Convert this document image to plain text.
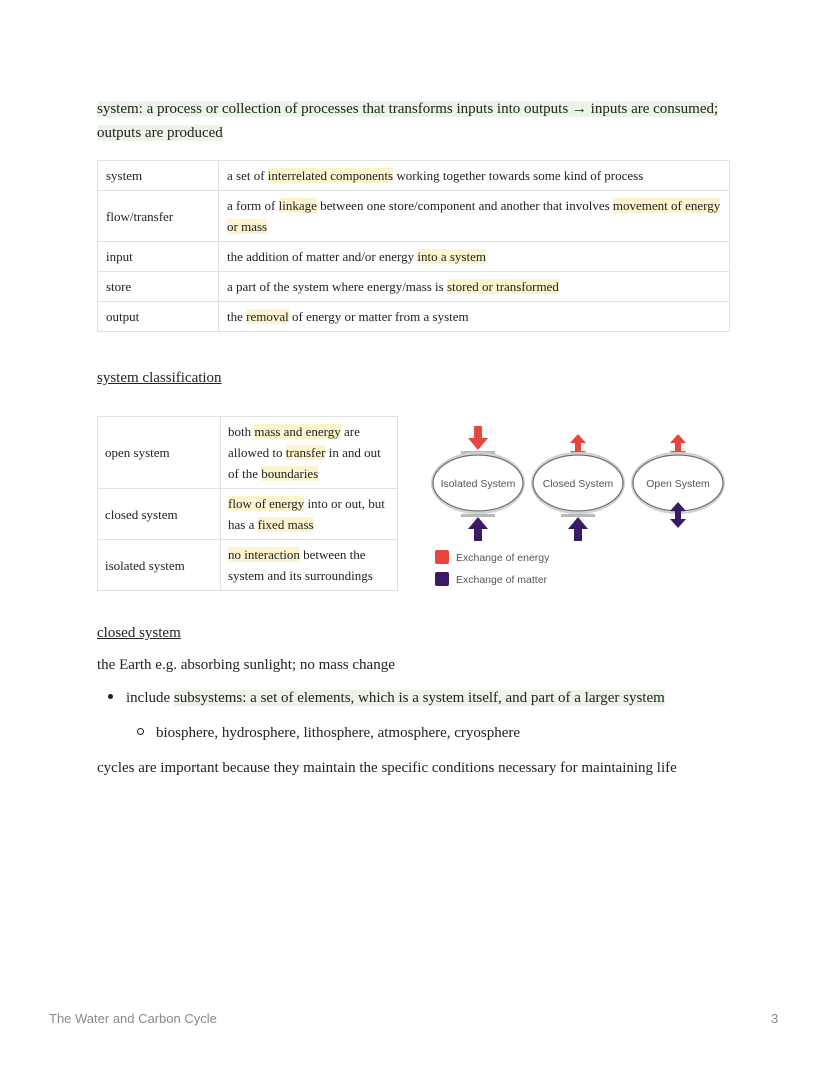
system: a process or collection of processes that transforms inputs into outputs → inputs are consumed; outputs are produced
system	a set of interrelated components working together towards some kind of process
flow/transfer	a form of linkage between one store/component and another that involves movement of energy or mass
input	the addition of matter and/or energy into a system
store	a part of the system where energy/mass is stored or transformed
output	the removal of energy or matter from a system
system classification
open system	both mass and energy are allowed to transfer in and out of the boundaries
closed system	flow of energy into or out, but has a fixed mass
isolated system	no interaction between the system and its surroundings
Isolated System	Closed System	Open System
Exchange of energy
Exchange of matter
closed system
the Earth e.g. absorbing sunlight; no mass change
include subsystems: a set of elements, which is a system itself, and part of a larger system
biosphere, hydrosphere, lithosphere, atmosphere, cryosphere
cycles are important because they maintain the specific conditions necessary for maintaining life
The Water and Carbon Cycle	3
